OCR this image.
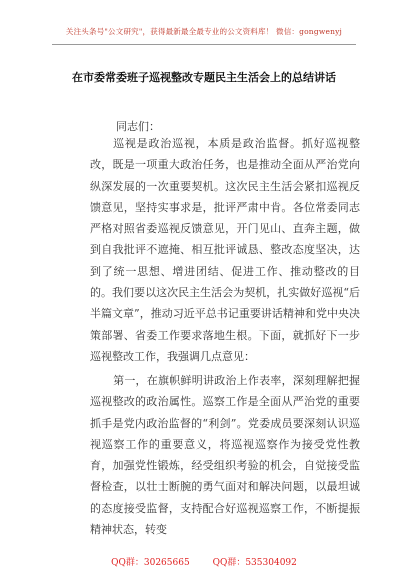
关注头条号"公文研究"，获得最新最全最专业的公文资料库！ 微信：gongwenyj
在市委常委班子巡视整改专题民主生活会上的总结讲话
同志们：

巡视是政治巡视，本质是政治监督。抓好巡视整改，既是一项重大政治任务，也是推动全面从严治党向纵深发展的一次重要契机。这次民主生活会紧扣巡视反馈意见，坚持实事求是，批评严肃中肯。各位常委同志严格对照省委巡视反馈意见，开门见山、直奔主题，做到自我批评不遮掩、相互批评诚恳、整改态度坚决，达到了统一思想、增进团结、促进工作、推动整改的目的。我们要以这次民主生活会为契机，扎实做好巡视“后半篇文章”，推动习近平总书记重要讲话精神和党中央决策部署、省委工作要求落地生根。下面，就抓好下一步巡视整改工作，我强调几点意见：

第一，在旗帜鲜明讲政治上作表率，深刻理解把握巡视整改的政治属性。巡察工作是全面从严治党的重要抓手是党内政治监督的“利剑”。党委成员要深刻认识巡视巡察工作的重要意义，将巡视巡察作为接受党性教育，加强党性锻炼，经受组织考验的机会，自觉接受监督检查，以壮士断腕的勇气面对和解决问题，以最坦诚的态度接受监督，支持配合好巡视巡察工作，不断提振精神状态，转变

QQ群：30265665	QQ群：535304092
